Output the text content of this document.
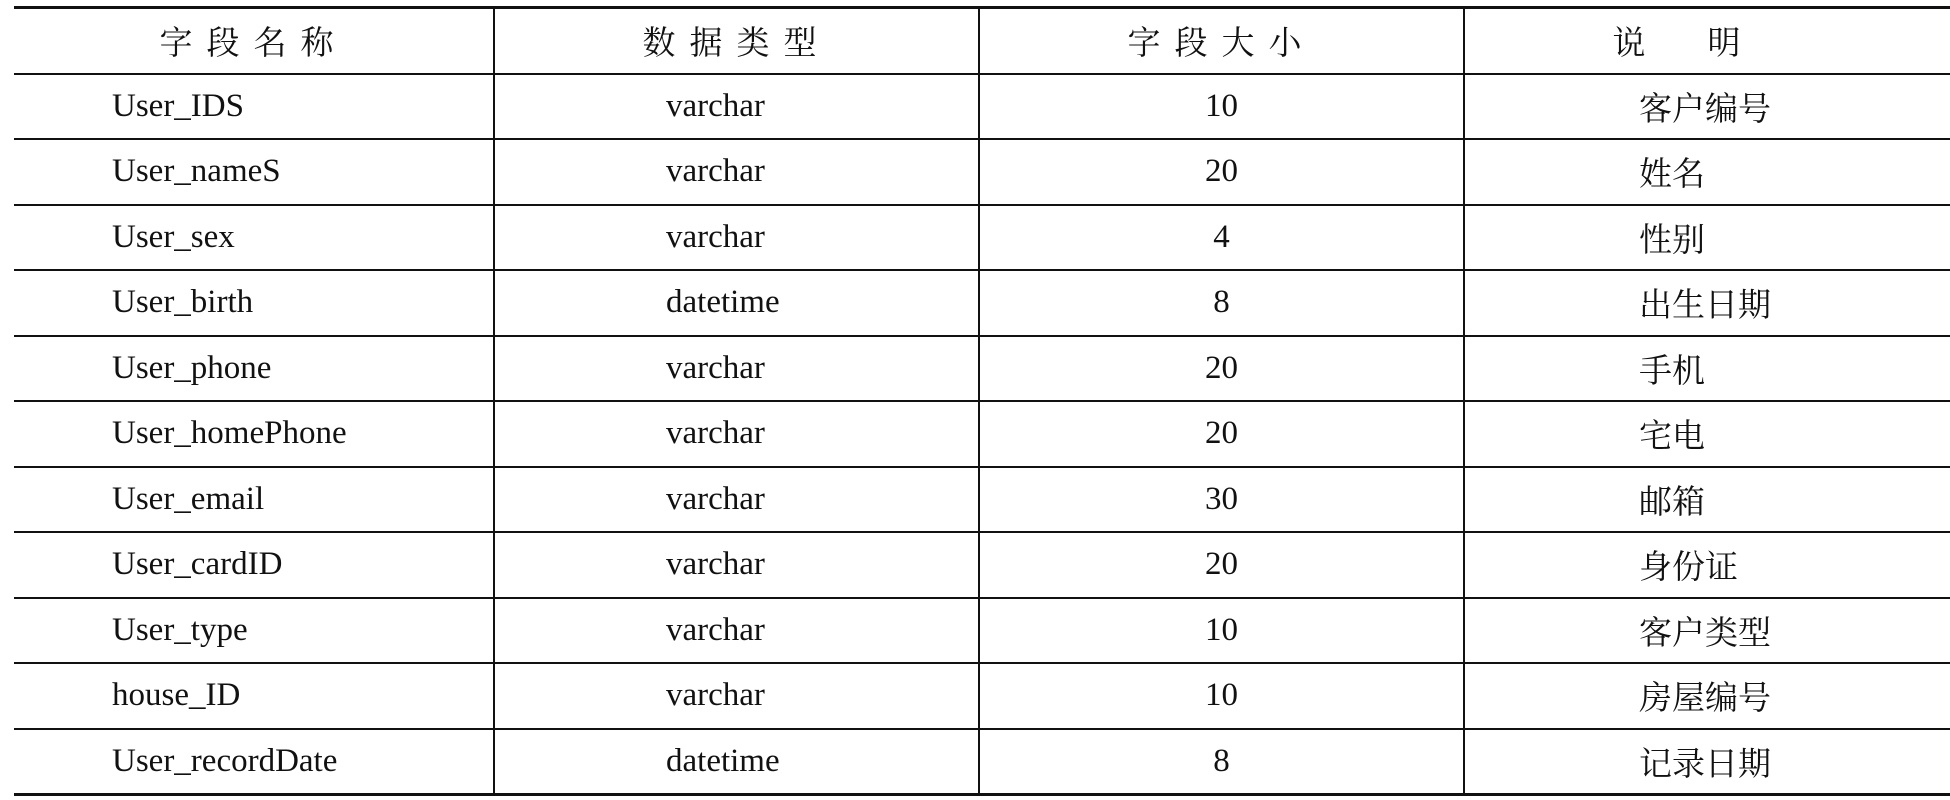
字段名称	数据类型	字段大小	说明
User_IDS	varchar	10	客户编号
User_nameS	varchar	20	姓名
User_sex	varchar	4	性别
User_birth	datetime	8	出生日期
User_phone	varchar	20	手机
User_homePhone	varchar	20	宅电
User_email	varchar	30	邮箱
User_cardID	varchar	20	身份证
User_type	varchar	10	客户类型
house_ID	varchar	10	房屋编号
User_recordDate	datetime	8	记录日期
